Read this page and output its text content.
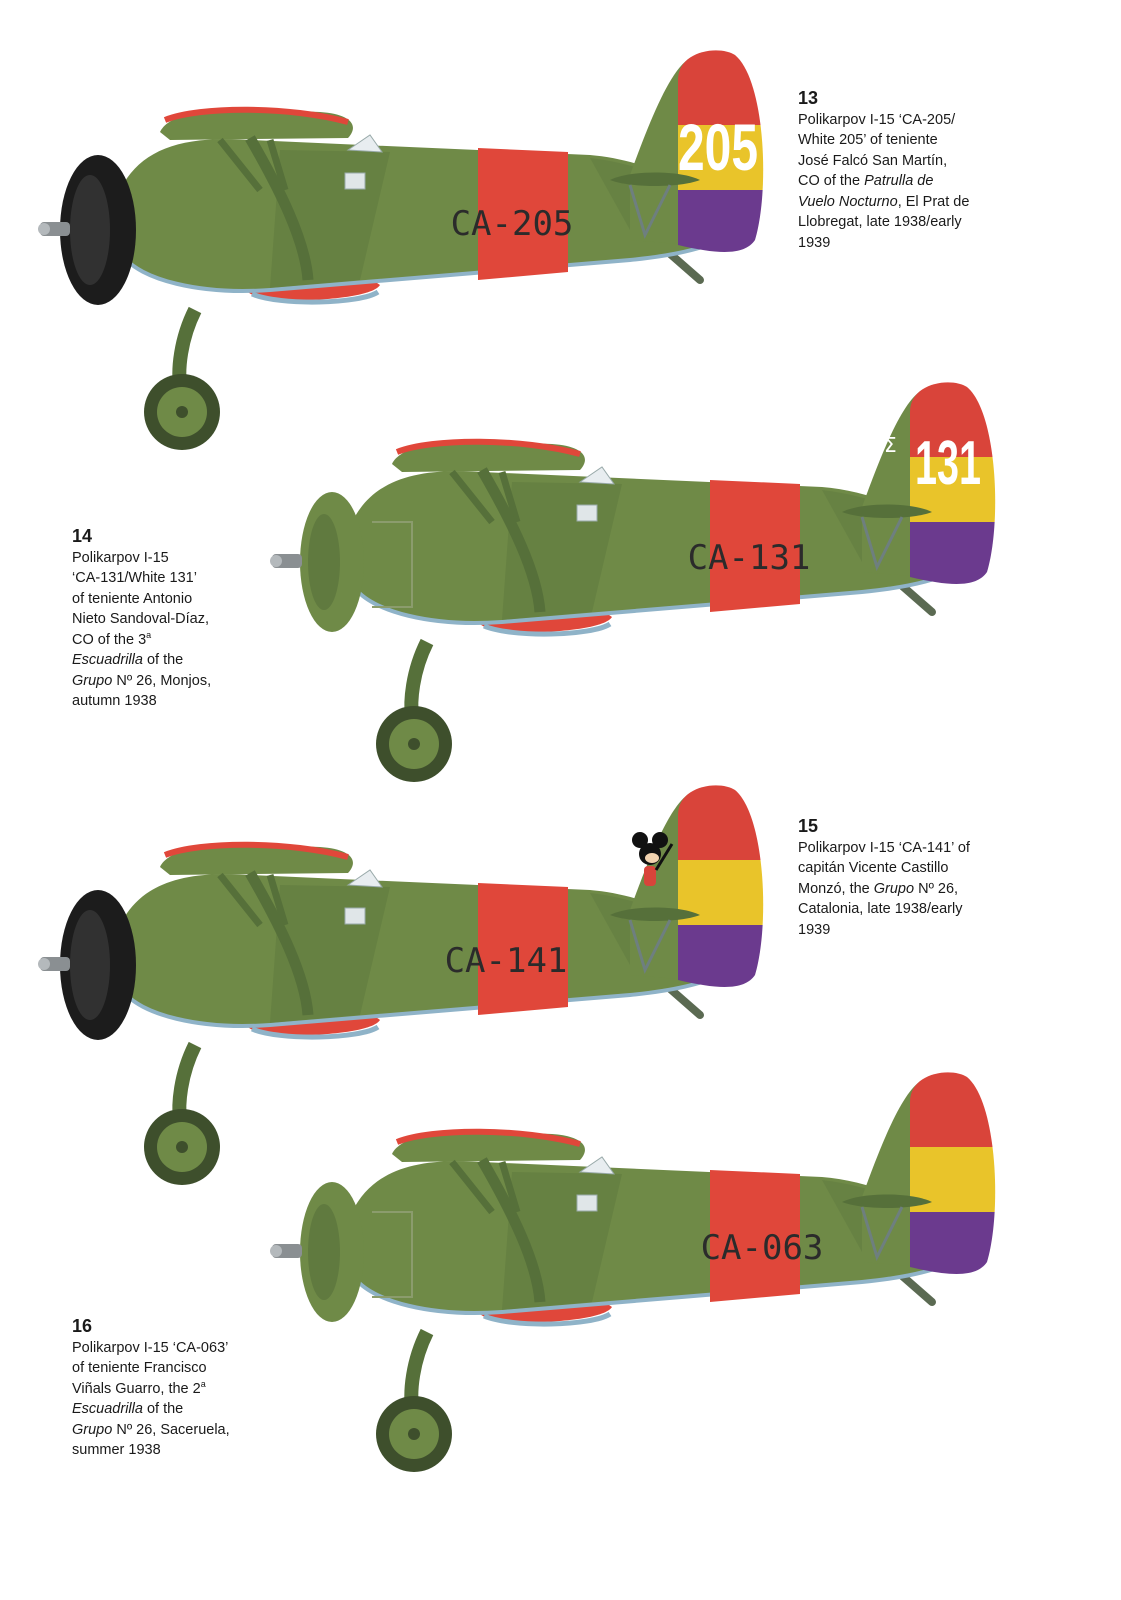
CA-205
205
13
Polikarpov I-15 ‘CA-205/
White 205’ of teniente
José Falcó San Martín,
CO of the Patrulla de
Vuelo Nocturno, El Prat de
Llobregat, late 1938/early
1939
CA-131
131
3Σ
14
Polikarpov I-15
‘CA-131/White 131’
of teniente Antonio
Nieto Sandoval-Díaz,
CO of the 3$^a$
Escuadrilla of the
Grupo Nº 26, Monjos,
autumn 1938
CA-141
15
Polikarpov I-15 ‘CA-141’ of
capitán Vicente Castillo
Monzó, the Grupo Nº 26,
Catalonia, late 1938/early
1939
CA-063
16
Polikarpov I-15 ‘CA-063’
of teniente Francisco
Viñals Guarro, the 2$^a$
Escuadrilla of the
Grupo Nº 26, Saceruela,
summer 1938
